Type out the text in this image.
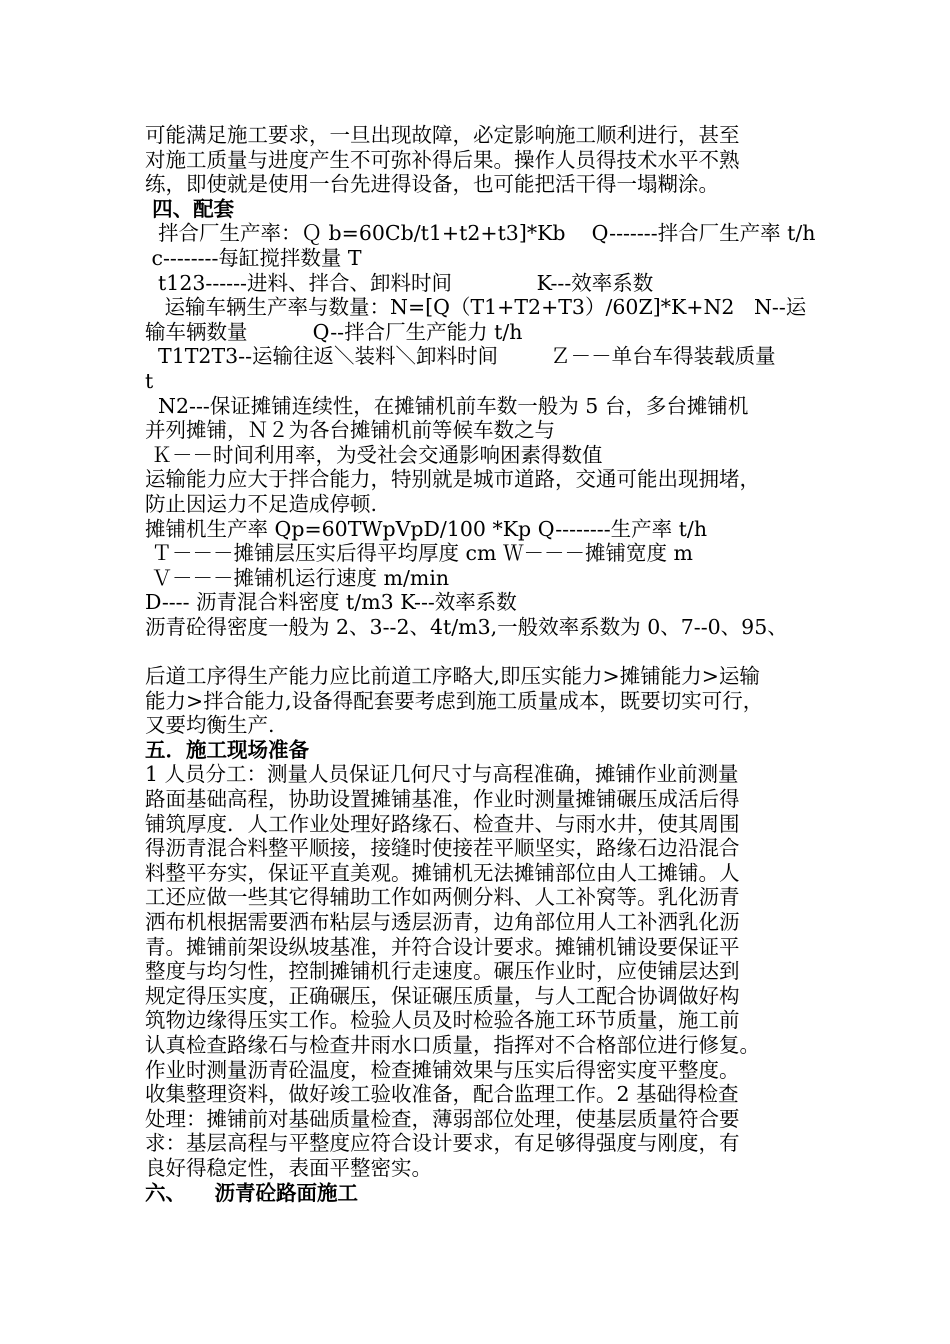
可能满足施工要求，一旦出现故障，必定影响施工顺利进行，甚至
对施工质量与进度产生不可弥补得后果。操作人员得技术水平不熟
练，即使就是使用一台先进得设备，也可能把活干得一塌糊涂。
四、配套
拌合厂生产率：Ｑ b=60Cb/t1+t2+t3]*Kb    Q-------拌合厂生产率 t/h
c--------每缸搅拌数量 T
t123------进料、拌合、卸料时间             K---效率系数
运输车辆生产率与数量：N=[Q（T1+T2+T3）/60Z]*K+N2   N--运
输车辆数量          Q--拌合厂生产能力 t/h
T1T2T3--运输往返＼装料＼卸料时间        Ｚ－－单台车得装载质量
t
N2---保证摊铺连续性，在摊铺机前车数一般为 5 台，多台摊铺机
并列摊铺，Ｎ２为各台摊铺机前等候车数之与
Ｋ－－时间利用率，为受社会交通影响困素得数值
运输能力应大于拌合能力，特别就是城市道路，交通可能出现拥堵，
防止因运力不足造成停顿.
摊铺机生产率 Qp=60TWpVpD/100 *Kp Q--------生产率 t/h
Ｔ－－－摊铺层压实后得平均厚度 cm Ｗ－－－摊铺宽度 m
Ｖ－－－摊铺机运行速度 m/min
D---- 沥青混合料密度 t/m3 K---效率系数
沥青砼得密度一般为 2、3--2、4t/m3,一般效率系数为 0、7--0、95、
后道工序得生产能力应比前道工序略大,即压实能力>摊铺能力>运输
能力>拌合能力,设备得配套要考虑到施工质量成本，既要切实可行，
又要均衡生产.
五．施工现场准备
1 人员分工：测量人员保证几何尺寸与高程准确，摊铺作业前测量
路面基础高程，协助设置摊铺基准，作业时测量摊铺碾压成活后得
铺筑厚度．人工作业处理好路缘石、检查井、与雨水井，使其周围
得沥青混合料整平顺接，接缝时使接茬平顺坚实，路缘石边沿混合
料整平夯实，保证平直美观。摊铺机无法摊铺部位由人工摊铺。人
工还应做一些其它得辅助工作如两侧分料、人工补窝等。乳化沥青
洒布机根据需要洒布粘层与透层沥青，边角部位用人工补洒乳化沥
青。摊铺前架设纵坡基准，并符合设计要求。摊铺机铺设要保证平
整度与均匀性，控制摊铺机行走速度。碾压作业时，应使铺层达到
规定得压实度，正确碾压，保证碾压质量，与人工配合协调做好构
筑物边缘得压实工作。检验人员及时检验各施工环节质量，施工前
认真检查路缘石与检查井雨水口质量，指挥对不合格部位进行修复。
作业时测量沥青砼温度，检查摊铺效果与压实后得密实度平整度。
收集整理资料，做好竣工验收准备，配合监理工作。2 基础得检查
处理：摊铺前对基础质量检查，薄弱部位处理，使基层质量符合要
求：基层高程与平整度应符合设计要求，有足够得强度与刚度，有
良好得稳定性，表面平整密实。
六、    沥青砼路面施工
